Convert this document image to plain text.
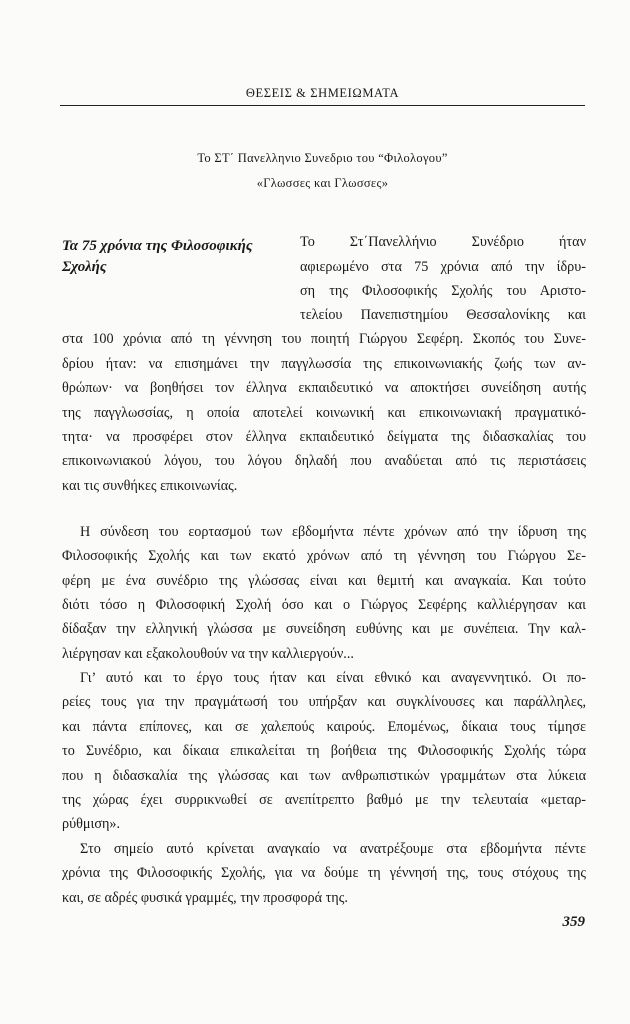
ΘΕΣΕΙΣ & ΣΗΜΕΙΩΜΑΤΑ
Το ΣΤ΄ Πανελληνιο Συνεδριο του “Φιλολογου”
«Γλωσσες και Γλωσσες»
Τα 75 χρόνια της Φιλοσοφικής Σχολής
Το Στ΄Πανελλήνιο Συνέδριο ήταν
αφιερωμένο στα 75 χρόνια από την ίδρυ-
ση της Φιλοσοφικής Σχολής του Αριστο-
τελείου Πανεπιστημίου Θεσσαλονίκης και
στα 100 χρόνια από τη γέννηση του ποιητή Γιώργου Σεφέρη. Σκοπός του Συνε-
δρίου ήταν: να επισημάνει την παγγλωσσία της επικοινωνιακής ζωής των αν-
θρώπων· να βοηθήσει τον έλληνα εκπαιδευτικό να αποκτήσει συνείδηση αυτής
της παγγλωσσίας, η οποία αποτελεί κοινωνική και επικοινωνιακή πραγματικό-
τητα· να προσφέρει στον έλληνα εκπαιδευτικό δείγματα της διδασκαλίας του
επικοινωνιακού λόγου, του λόγου δηλαδή που αναδύεται από τις περιστάσεις
και τις συνθήκες επικοινωνίας.
Η σύνδεση του εορτασμού των εβδομήντα πέντε χρόνων από την ίδρυση της
Φιλοσοφικής Σχολής και των εκατό χρόνων από τη γέννηση του Γιώργου Σε-
φέρη με ένα συνέδριο της γλώσσας είναι και θεμιτή και αναγκαία. Και τούτο
διότι τόσο η Φιλοσοφική Σχολή όσο και ο Γιώργος Σεφέρης καλλιέργησαν και
δίδαξαν την ελληνική γλώσσα με συνείδηση ευθύνης και με συνέπεια. Την καλ-
λιέργησαν και εξακολουθούν να την καλλιεργούν...
Γι’ αυτό και το έργο τους ήταν και είναι εθνικό και αναγεννητικό. Οι πο-
ρείες τους για την πραγμάτωσή του υπήρξαν και συγκλίνουσες και παράλληλες,
και πάντα επίπονες, και σε χαλεπούς καιρούς. Επομένως, δίκαια τους τίμησε
το Συνέδριο, και δίκαια επικαλείται τη βοήθεια της Φιλοσοφικής Σχολής τώρα
που η διδασκαλία της γλώσσας και των ανθρωπιστικών γραμμάτων στα λύκεια
της χώρας έχει συρρικνωθεί σε ανεπίτρεπτο βαθμό με την τελευταία «μεταρ-
ρύθμιση».
Στο σημείο αυτό κρίνεται αναγκαίο να ανατρέξουμε στα εβδομήντα πέντε
χρόνια της Φιλοσοφικής Σχολής, για να δούμε τη γέννησή της, τους στόχους της
και, σε αδρές φυσικά γραμμές, την προσφορά της.
359
